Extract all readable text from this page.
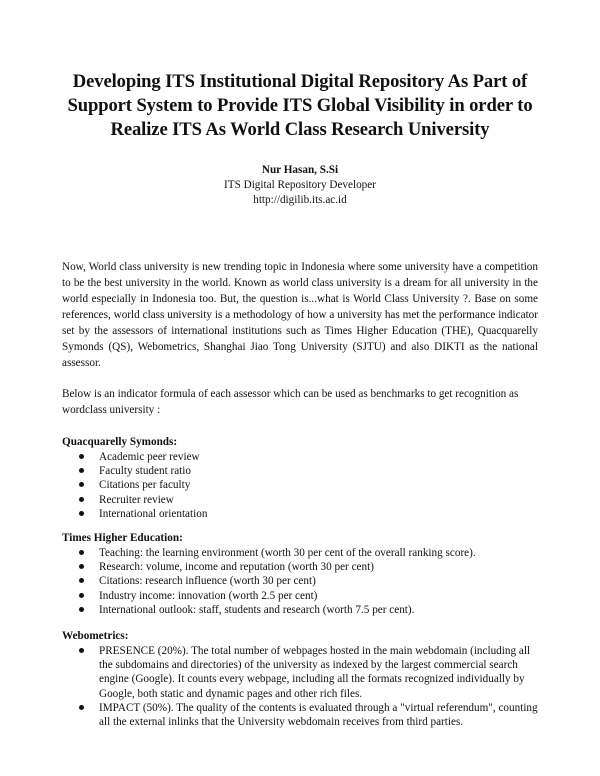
Developing ITS Institutional Digital Repository As Part of
Support System to Provide ITS Global Visibility in order to
Realize ITS As World Class Research University
Nur Hasan, S.Si
ITS Digital Repository Developer
http://digilib.its.ac.id

Now, World class university is new trending topic in Indonesia where some university have a competition to be the best university in the world. Known as world class university is a dream for all university in the world especially in Indonesia too. But, the question is...what is World Class University ?. Base on some references, world class university is a methodology of how a university has met the performance indicator set by the assessors of international institutions such as Times Higher Education (THE), Quacquarelly Symonds (QS), Webometrics, Shanghai Jiao Tong University (SJTU) and also DIKTI as the national assessor.

Below is an indicator formula of each assessor which can be used as benchmarks to get recognition as wordclass university :

Quacquarelly Symonds:

Academic peer review
Faculty student ratio
Citations per faculty
Recruiter review
International orientation

Times Higher Education:

Teaching: the learning environment (worth 30 per cent of the overall ranking score).
Research: volume, income and reputation (worth 30 per cent)
Citations: research influence (worth 30 per cent)
Industry income: innovation (worth 2.5 per cent)
International outlook: staff, students and research (worth 7.5 per cent).

Webometrics:

PRESENCE (20%). The total number of webpages hosted in the main webdomain (including all the subdomains and directories) of the university as indexed by the largest commercial search engine (Google). It counts every webpage, including all the formats recognized individually by Google, both static and dynamic pages and other rich files.
IMPACT (50%). The quality of the contents is evaluated through a "virtual referendum", counting all the external inlinks that the University webdomain receives from third parties.
